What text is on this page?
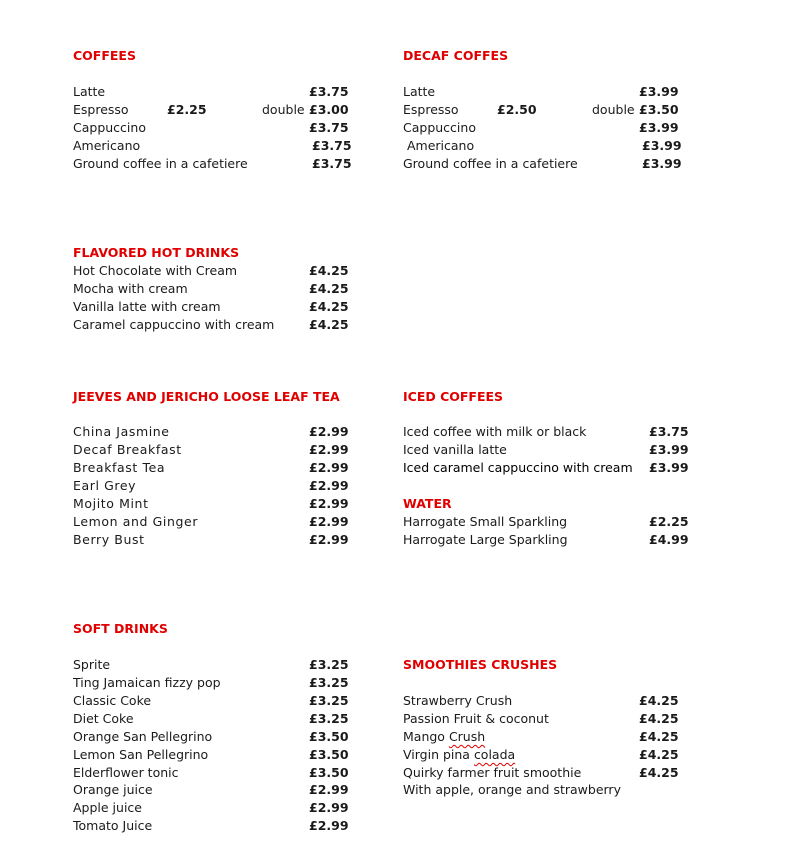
COFFEES
Latte	£3.75
Espresso	£2.25	double £3.00
Cappuccino	£3.75
Americano	£3.75
Ground coffee in a cafetiere	£3.75
DECAF COFFES
Latte	£3.99
Espresso	£2.50	double £3.50
Cappuccino	£3.99
Americano	£3.99
Ground coffee in a cafetiere	£3.99
FLAVORED HOT DRINKS
Hot Chocolate with Cream	£4.25
Mocha with cream	£4.25
Vanilla latte with cream	£4.25
Caramel cappuccino with cream	£4.25
JEEVES AND JERICHO LOOSE LEAF TEA
China Jasmine	£2.99
Decaf Breakfast	£2.99
Breakfast Tea	£2.99
Earl Grey	£2.99
Mojito Mint	£2.99
Lemon and Ginger	£2.99
Berry Bust	£2.99
ICED COFFEES
Iced coffee with milk or black	£3.75
Iced vanilla latte	£3.99
Iced caramel cappuccino with cream £3.99
WATER
Harrogate Small Sparkling	£2.25
Harrogate Large Sparkling	£4.99
SOFT DRINKS
Sprite	£3.25
Ting Jamaican fizzy pop	£3.25
Classic Coke	£3.25
Diet Coke	£3.25
Orange San Pellegrino	£3.50
Lemon San Pellegrino	£3.50
Elderflower tonic	£3.50
Orange juice	£2.99
Apple juice	£2.99
Tomato Juice	£2.99
SMOOTHIES CRUSHES
Strawberry Crush	£4.25
Passion Fruit & coconut	£4.25
Mango Crush	£4.25
Virgin pina colada	£4.25
Quirky farmer fruit smoothie	£4.25
With apple, orange and strawberry
